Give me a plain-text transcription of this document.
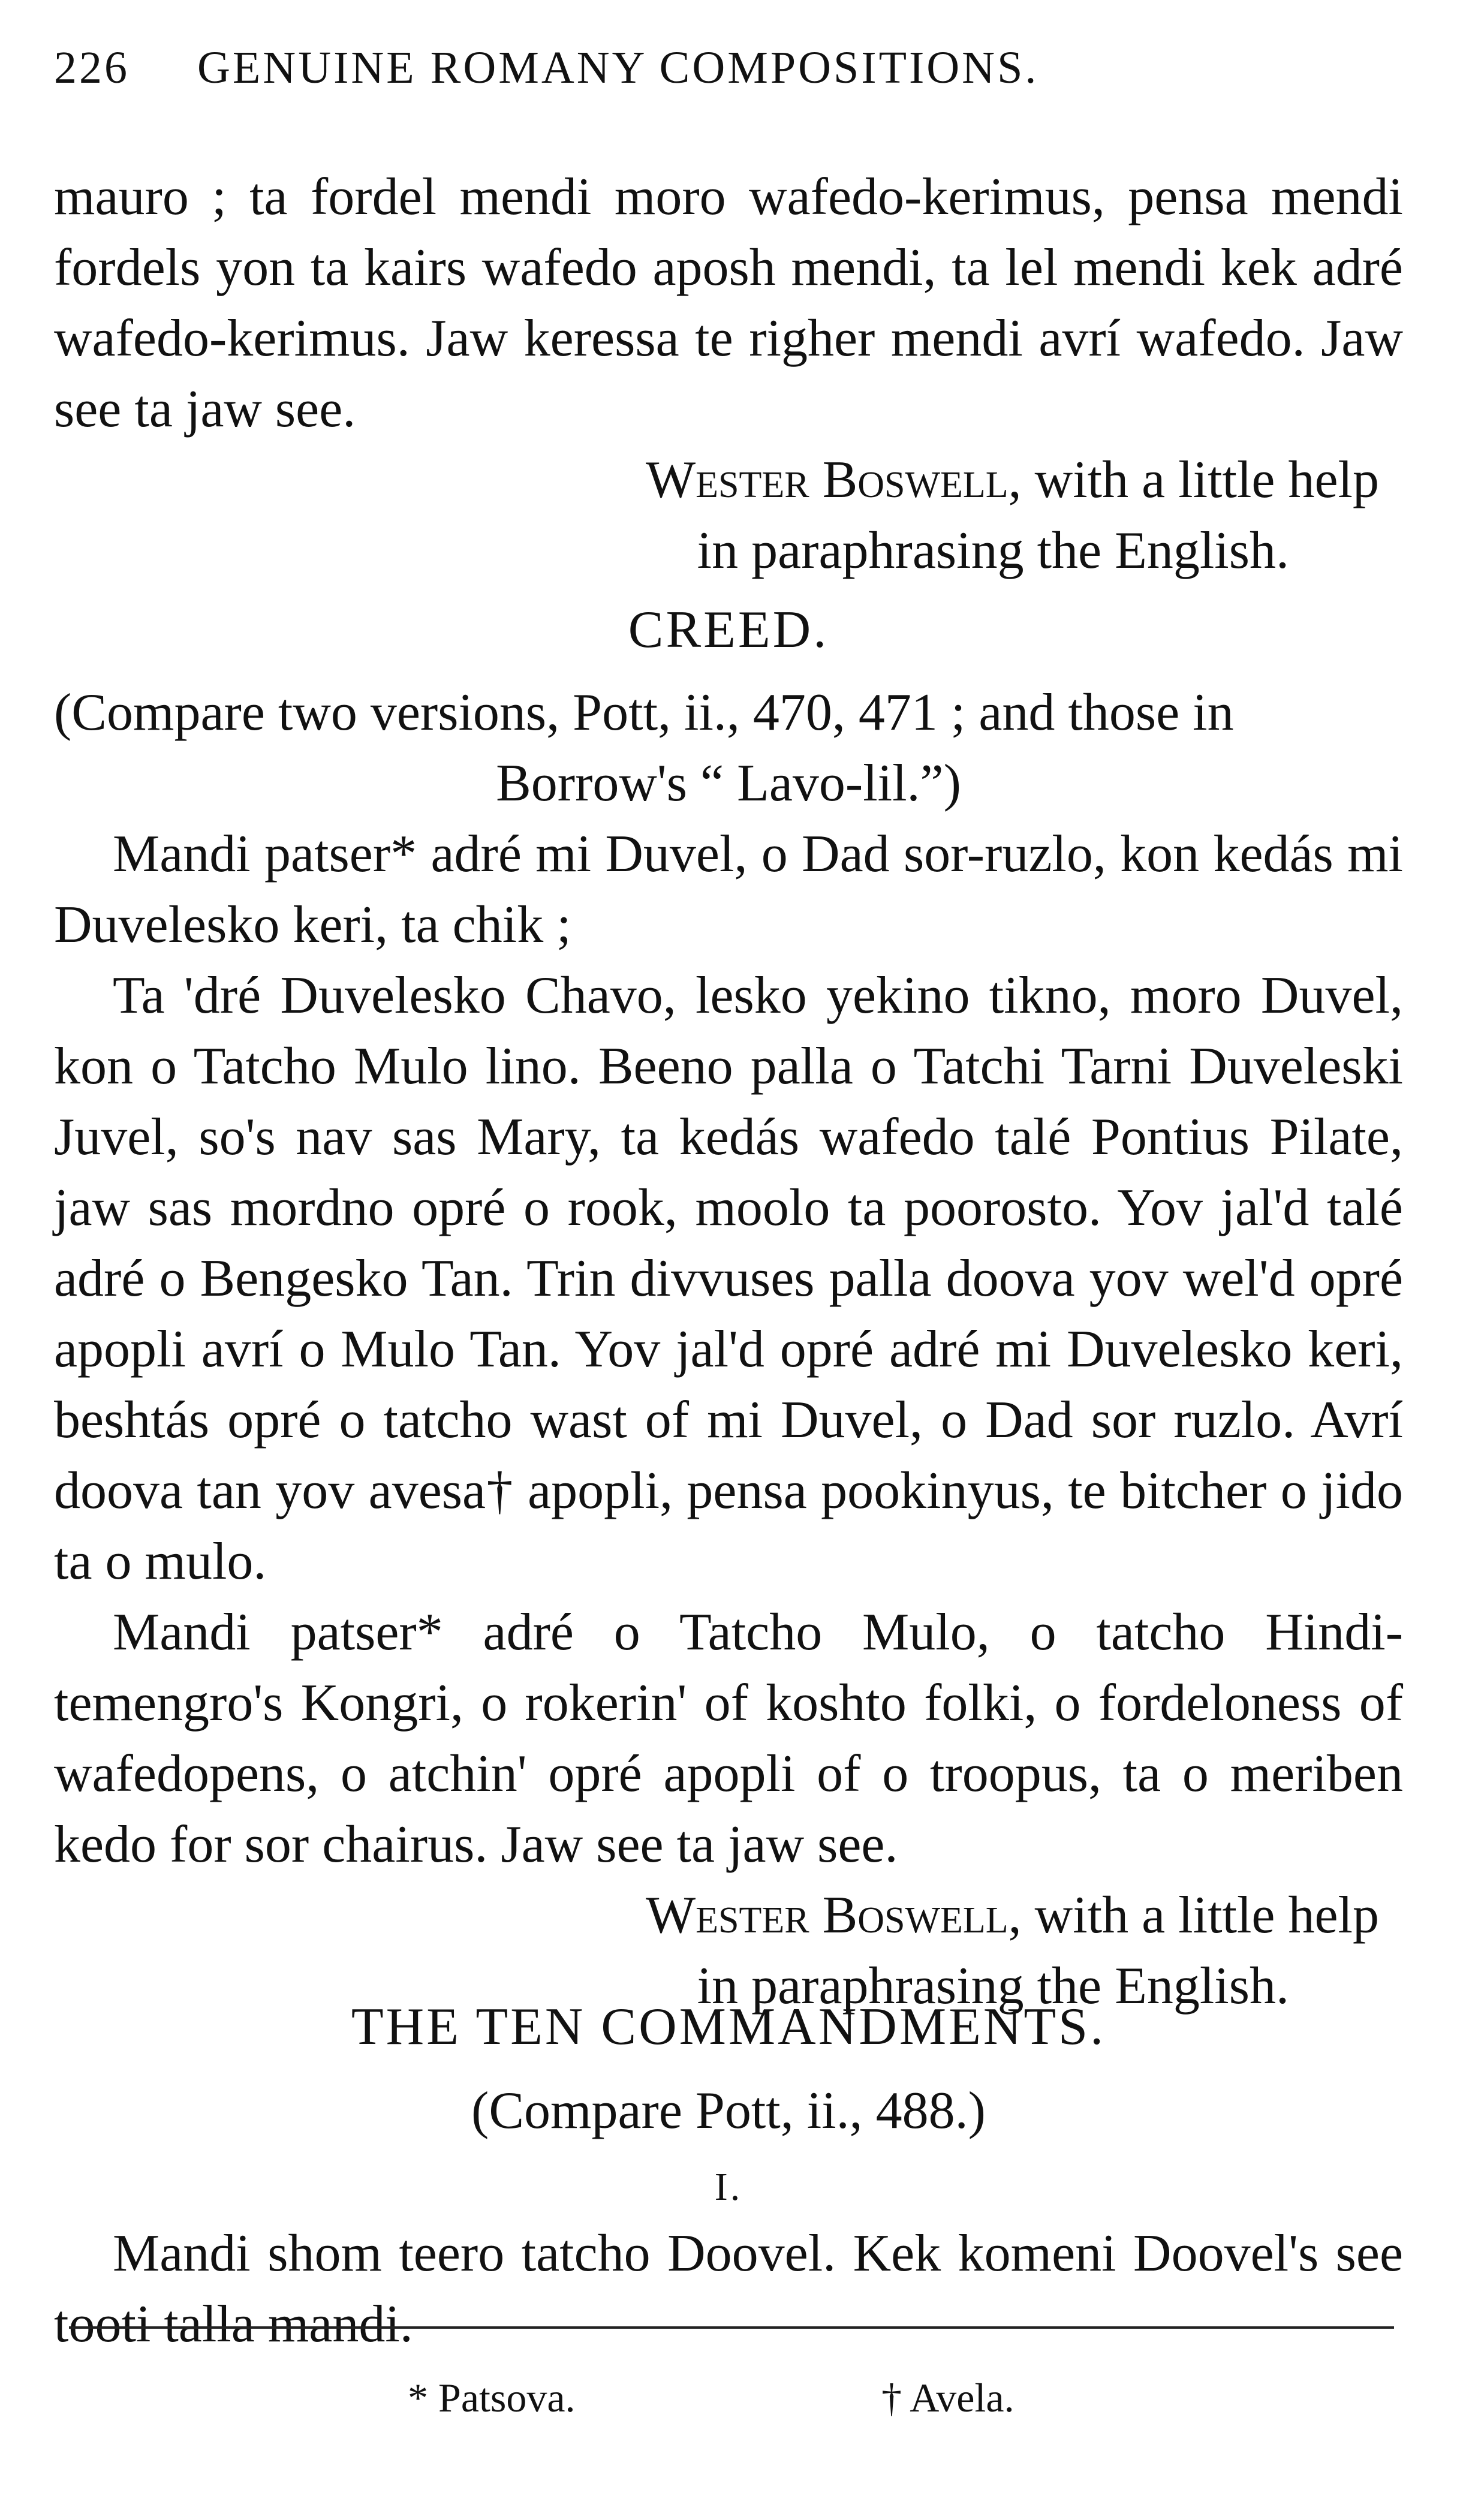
226 GENUINE ROMANY COMPOSITIONS.

mauro ; ta fordel mendi moro wafedo-kerimus, pensa mendi fordels yon ta kairs wafedo aposh mendi, ta lel mendi kek adré wafedo-kerimus. Jaw keressa te righer mendi avrí wafedo. Jaw see ta jaw see.

Wester Boswell, with a little help

in paraphrasing the English.

CREED.

(Compare two versions, Pott, ii., 470, 471 ; and those in

Borrow's “ Lavo-lil.”)

Mandi patser* adré mi Duvel, o Dad sor-ruzlo, kon kedás mi Duvelesko keri, ta chik ;

Ta 'dré Duvelesko Chavo, lesko yekino tikno, moro Duvel, kon o Tatcho Mulo lino. Beeno palla o Tatchi Tarni Duveleski Juvel, so's nav sas Mary, ta kedás wafedo talé Pontius Pilate, jaw sas mordno opré o rook, moolo ta poorosto. Yov jal'd talé adré o Bengesko Tan. Trin divvuses palla doova yov wel'd opré apopli avrí o Mulo Tan. Yov jal'd opré adré mi Duvelesko keri, beshtás opré o tatcho wast of mi Duvel, o Dad sor ruzlo. Avrí doova tan yov avesa† apopli, pensa pookinyus, te bitcher o jido ta o mulo.

Mandi patser* adré o Tatcho Mulo, o tatcho Hindi-temengro's Kongri, o rokerin' of koshto folki, o fordeloness of wafedopens, o atchin' opré apopli of o troopus, ta o meriben kedo for sor chairus. Jaw see ta jaw see.

Wester Boswell, with a little help

in paraphrasing the English.

THE TEN COMMANDMENTS.
(Compare Pott, ii., 488.)
I.

Mandi shom teero tatcho Doovel. Kek komeni Doovel's see tooti talla mandi.

* Patsova.	† Avela.
